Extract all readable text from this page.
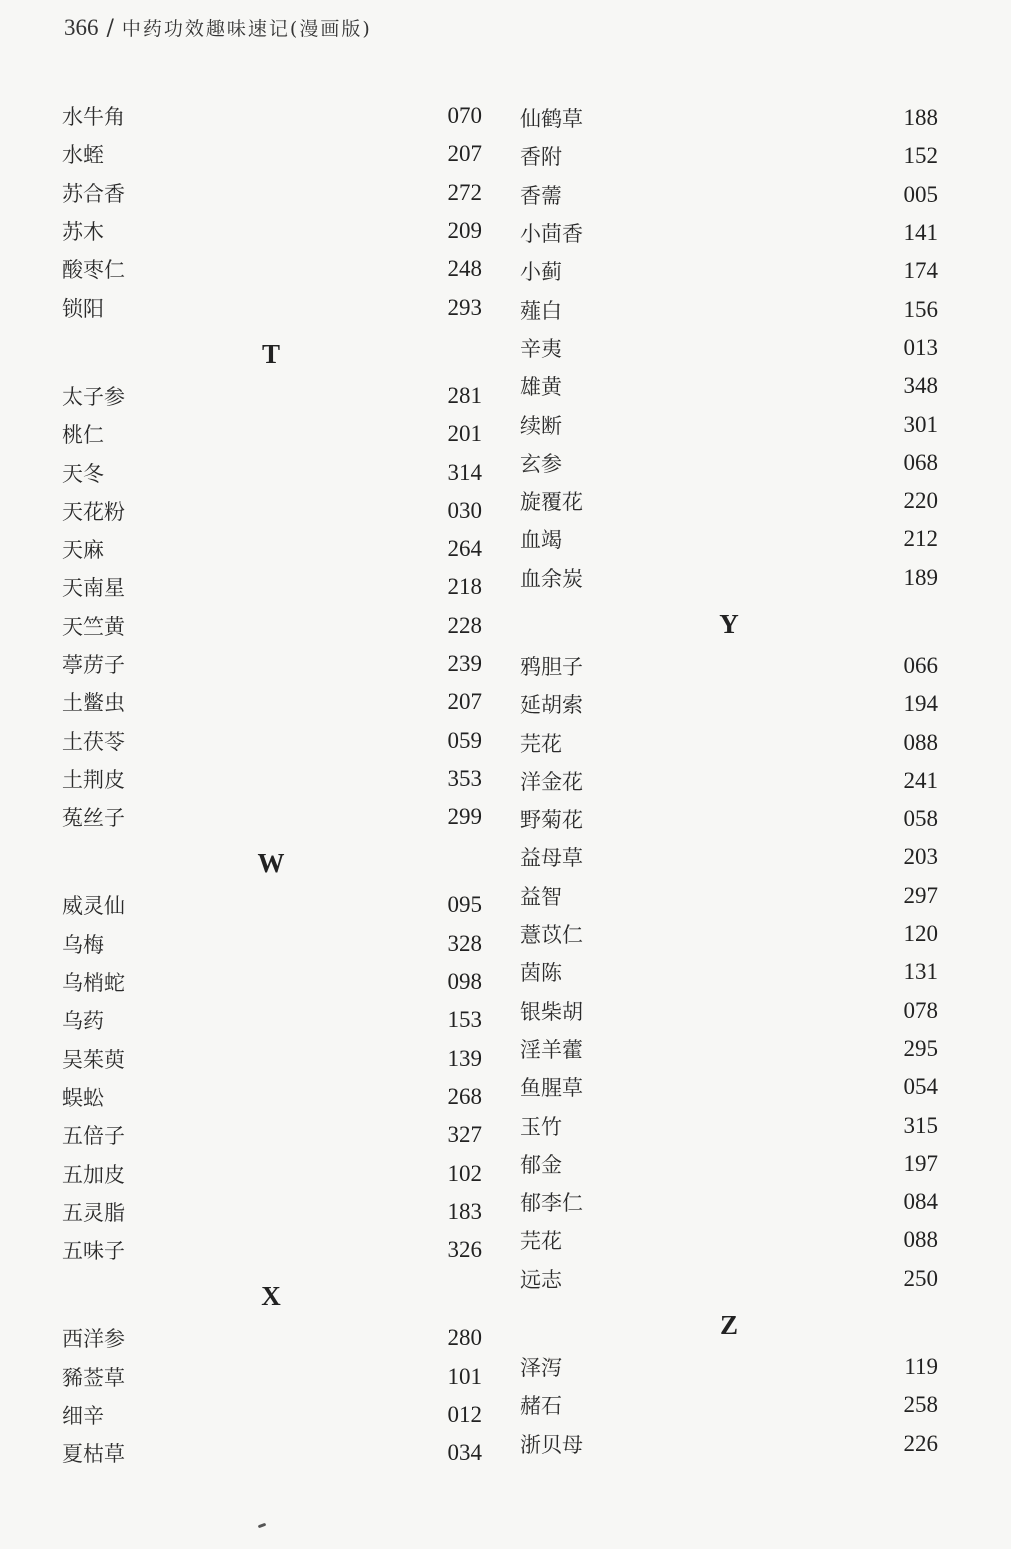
366 / 中药功效趣味速记(漫画版)
水牛角	070
水蛭	207
苏合香	272
苏木	209
酸枣仁	248
锁阳	293
T
太子参	281
桃仁	201
天冬	314
天花粉	030
天麻	264
天南星	218
天竺黄	228
葶苈子	239
土鳖虫	207
土茯苓	059
土荆皮	353
菟丝子	299
W
威灵仙	095
乌梅	328
乌梢蛇	098
乌药	153
吴茱萸	139
蜈蚣	268
五倍子	327
五加皮	102
五灵脂	183
五味子	326
X
西洋参	280
豨莶草	101
细辛	012
夏枯草	034
仙鹤草	188
香附	152
香薷	005
小茴香	141
小蓟	174
薤白	156
辛夷	013
雄黄	348
续断	301
玄参	068
旋覆花	220
血竭	212
血余炭	189
Y
鸦胆子	066
延胡索	194
芫花	088
洋金花	241
野菊花	058
益母草	203
益智	297
薏苡仁	120
茵陈	131
银柴胡	078
淫羊藿	295
鱼腥草	054
玉竹	315
郁金	197
郁李仁	084
芫花	088
远志	250
Z
泽泻	119
赭石	258
浙贝母	226
